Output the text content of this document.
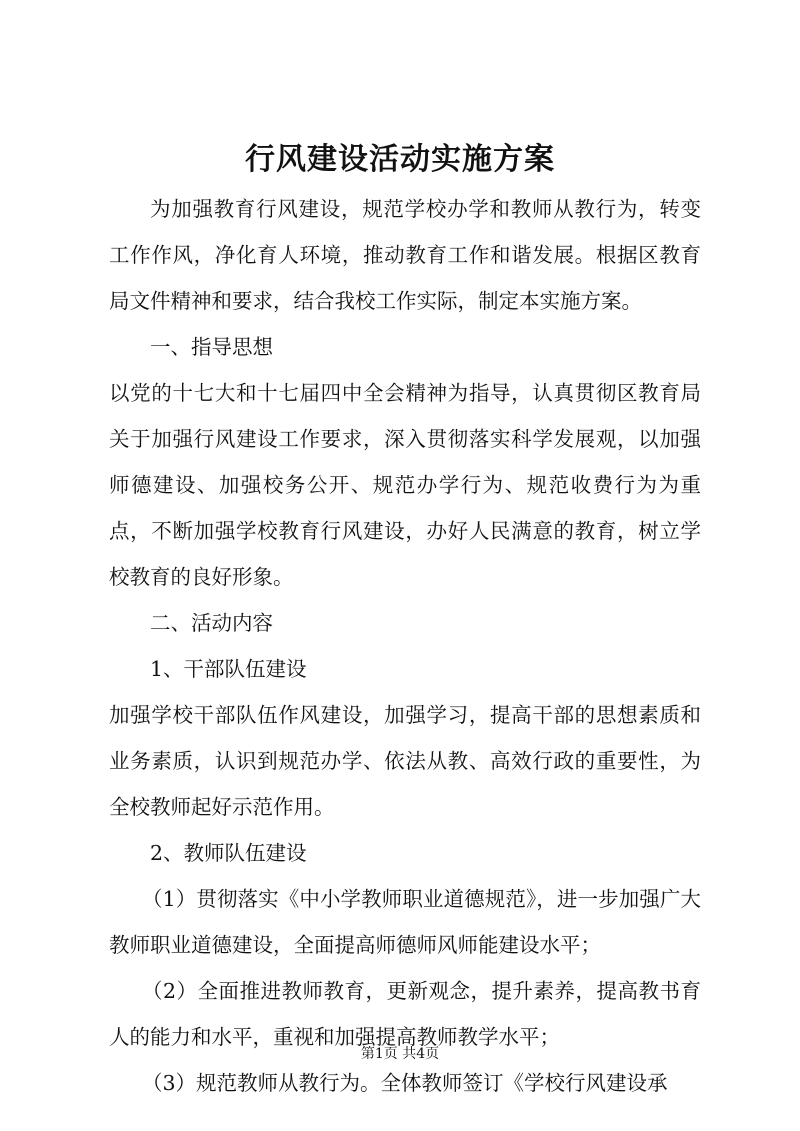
行风建设活动实施方案

为加强教育行风建设，规范学校办学和教师从教行为，转变工作作风，净化育人环境，推动教育工作和谐发展。根据区教育局文件精神和要求，结合我校工作实际，制定本实施方案。

一、指导思想

以党的十七大和十七届四中全会精神为指导，认真贯彻区教育局关于加强行风建设工作要求，深入贯彻落实科学发展观，以加强师德建设、加强校务公开、规范办学行为、规范收费行为为重点，不断加强学校教育行风建设，办好人民满意的教育，树立学校教育的良好形象。

二、活动内容

1、干部队伍建设

加强学校干部队伍作风建设，加强学习，提高干部的思想素质和业务素质，认识到规范办学、依法从教、高效行政的重要性，为全校教师起好示范作用。

2、教师队伍建设

（1）贯彻落实《中小学教师职业道德规范》，进一步加强广大教师职业道德建设，全面提高师德师风师能建设水平；

（2）全面推进教师教育，更新观念，提升素养，提高教书育人的能力和水平，重视和加强提高教师教学水平；

（3）规范教师从教行为。全体教师签订《学校行风建设承

第1页 共4页
